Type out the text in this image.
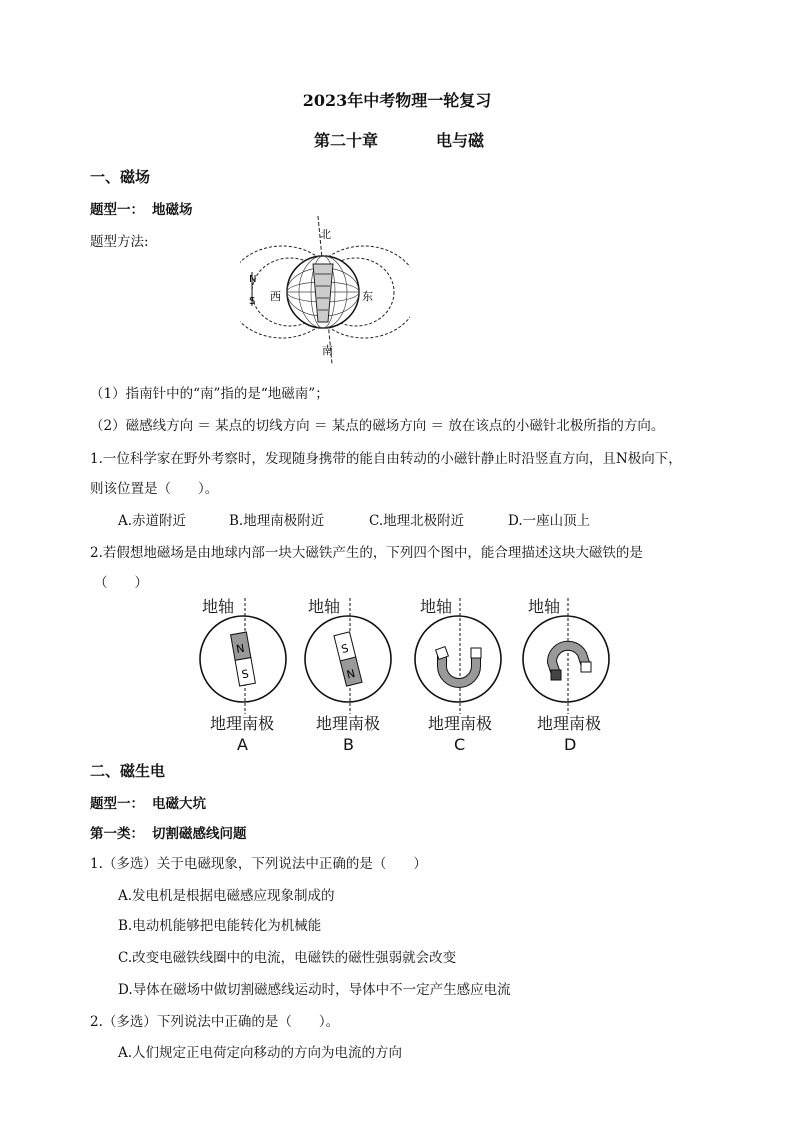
2023年中考物理一轮复习
第二十章	电与磁
一、磁场
题型一： 地磁场
题型方法:
N
S
北
南
西	东
（1）指南针中的“南”指的是“地磁南”；
（2）磁感线方向 ＝ 某点的切线方向 ＝ 某点的磁场方向 ＝ 放在该点的小磁针北极所指的方向。
1.一位科学家在野外考察时，发现随身携带的能自由转动的小磁针静止时沿竖直方向，且N极向下，
则该位置是（　　）。
A.赤道附近	B.地理南极附近	C.地理北极附近	D.一座山顶上
2.若假想地磁场是由地球内部一块大磁铁产生的，下列四个图中，能合理描述这块大磁铁的是
（　　）
地轴	地轴	地轴	地轴
地理南极	地理南极	地理南极	地理南极
A	B	C	D
N
S
S
N
二、磁生电
题型一： 电磁大坑
第一类： 切割磁感线问题
1.（多选）关于电磁现象，下列说法中正确的是（　　）
A.发电机是根据电磁感应现象制成的
B.电动机能够把电能转化为机械能
C.改变电磁铁线圈中的电流，电磁铁的磁性强弱就会改变
D.导体在磁场中做切割磁感线运动时，导体中不一定产生感应电流
2.（多选）下列说法中正确的是（　　）。
A.人们规定正电荷定向移动的方向为电流的方向
